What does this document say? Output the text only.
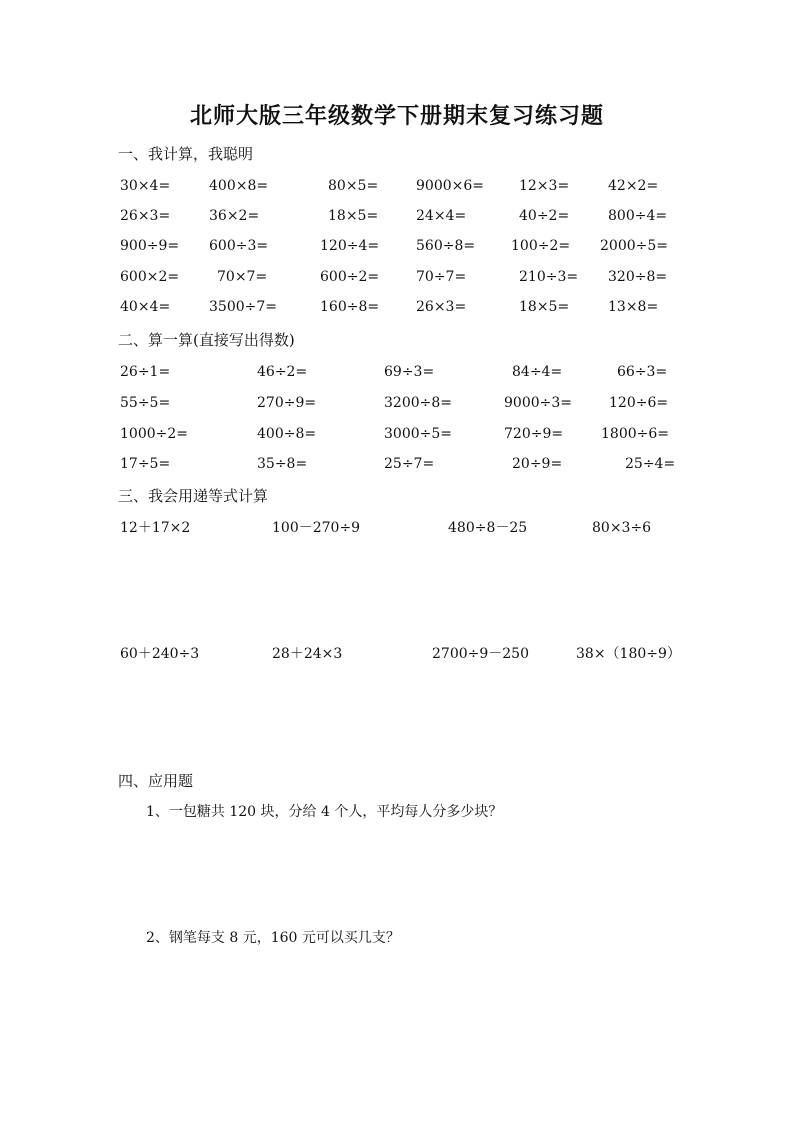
北师大版三年级数学下册期末复习练习题
一、我计算，我聪明
30×4=	400×8=	80×5=	9000×6=	12×3=	42×2=
26×3=	36×2=	18×5=	24×4=	40÷2=	800÷4=
900÷9= 600÷3=	120÷4=	560÷8=	100÷2= 2000÷5=
600×2=	70×7=	600÷2=	70÷7=	210÷3= 320÷8=
40×4=	3500÷7=	160÷8=	26×3=	18×5=	13×8=
二、算一算(直接写出得数)
26÷1=	46÷2=	69÷3=	84÷4=	66÷3=
55÷5=	270÷9=	3200÷8=	9000÷3=	120÷6=
1000÷2=	400÷8=	3000÷5=	720÷9=	1800÷6=
17÷5=	35÷8=	25÷7=	20÷9=	25÷4=
三、我会用递等式计算
12＋17×2	100－270÷9	480÷8－25	80×3÷6
60＋240÷3	28＋24×3	2700÷9－250	38×（180÷9）
四、应用题
1、一包糖共 120 块，分给 4 个人，平均每人分多少块？
2、钢笔每支 8 元，160 元可以买几支？
